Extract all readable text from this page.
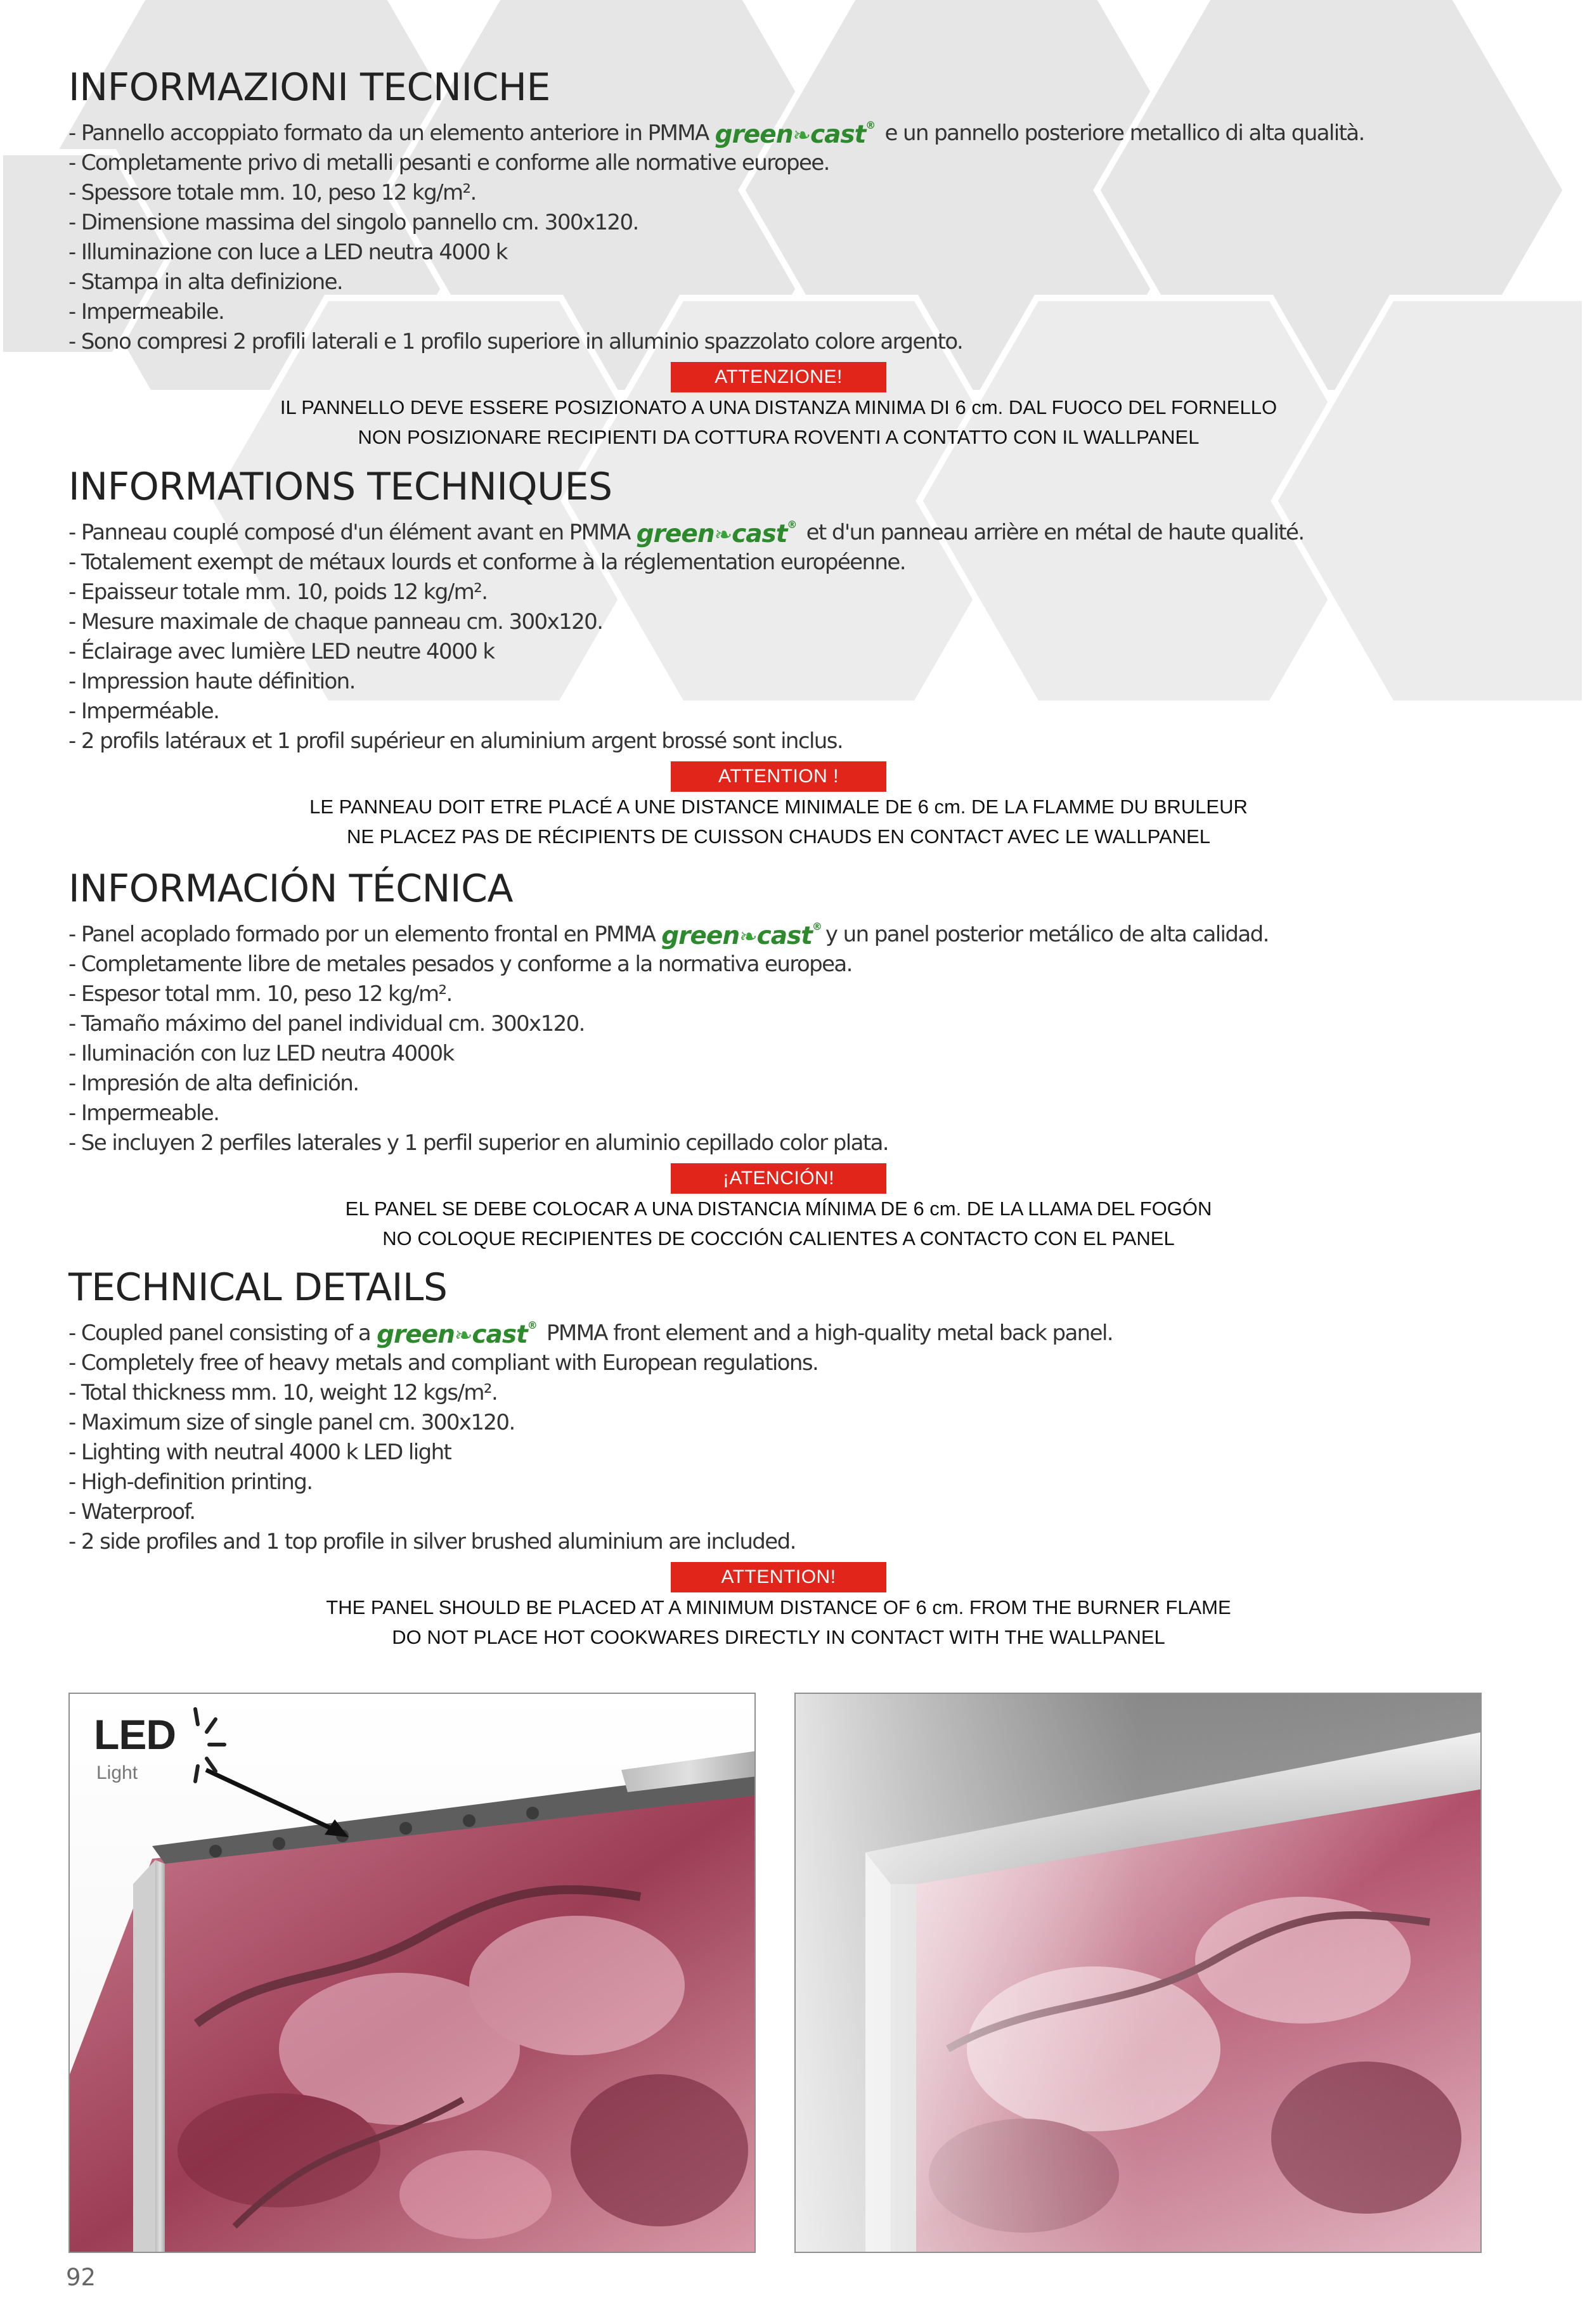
INFORMAZIONI TECNICHE
- Pannello accoppiato formato da un elemento anteriore in PMMA green❧cast® e un pannello posteriore metallico di alta qualità.
- Completamente privo di metalli pesanti e conforme alle normative europee.
- Spessore totale mm. 10, peso 12 kg/m².
- Dimensione massima del singolo pannello cm. 300x120.
- Illuminazione con luce a LED neutra 4000 k
- Stampa in alta definizione.
- Impermeabile.
- Sono compresi 2 profili laterali e 1 profilo superiore in alluminio spazzolato colore argento.
ATTENZIONE!
IL PANNELLO DEVE ESSERE POSIZIONATO A UNA DISTANZA MINIMA DI 6 cm. DAL FUOCO DEL FORNELLO
NON POSIZIONARE RECIPIENTI DA COTTURA ROVENTI A CONTATTO CON IL WALLPANEL
INFORMATIONS TECHNIQUES
- Panneau couplé composé d'un élément avant en PMMA green❧cast® et d'un panneau arrière en métal de haute qualité.
- Totalement exempt de métaux lourds et conforme à la réglementation européenne.
- Epaisseur totale mm. 10, poids 12 kg/m².
- Mesure maximale de chaque panneau cm. 300x120.
- Éclairage avec lumière LED neutre 4000 k
- Impression haute définition.
- Imperméable.
- 2 profils latéraux et 1 profil supérieur en aluminium argent brossé sont inclus.
ATTENTION !
LE PANNEAU DOIT ETRE PLACÉ A UNE DISTANCE MINIMALE DE 6 cm. DE LA FLAMME DU BRULEUR
NE PLACEZ PAS DE RÉCIPIENTS DE CUISSON CHAUDS EN CONTACT AVEC LE WALLPANEL
INFORMACIÓN TÉCNICA
- Panel acoplado formado por un elemento frontal en PMMA green❧cast® y un panel posterior metálico de alta calidad.
- Completamente libre de metales pesados y conforme a la normativa europea.
- Espesor total mm. 10, peso 12 kg/m².
- Tamaño máximo del panel individual cm. 300x120.
- Iluminación con luz LED neutra 4000k
- Impresión de alta definición.
- Impermeable.
- Se incluyen 2 perfiles laterales y 1 perfil superior en aluminio cepillado color plata.
¡ATENCIÓN!
EL PANEL SE DEBE COLOCAR A UNA DISTANCIA MÍNIMA DE 6 cm. DE LA LLAMA DEL FOGÓN
NO COLOQUE RECIPIENTES DE COCCIÓN CALIENTES A CONTACTO CON EL PANEL
TECHNICAL DETAILS
- Coupled panel consisting of a green❧cast® PMMA front element and a high-quality metal back panel.
- Completely free of heavy metals and compliant with European regulations.
- Total thickness mm. 10, weight 12 kgs/m².
- Maximum size of single panel cm. 300x120.
- Lighting with neutral 4000 k LED light
- High-definition printing.
- Waterproof.
- 2 side profiles and 1 top profile in silver brushed aluminium are included.
ATTENTION!
THE PANEL SHOULD BE PLACED AT A MINIMUM DISTANCE OF 6 cm. FROM THE BURNER FLAME
DO NOT PLACE HOT COOKWARES DIRECTLY IN CONTACT WITH THE WALLPANEL
LED
Light
92
